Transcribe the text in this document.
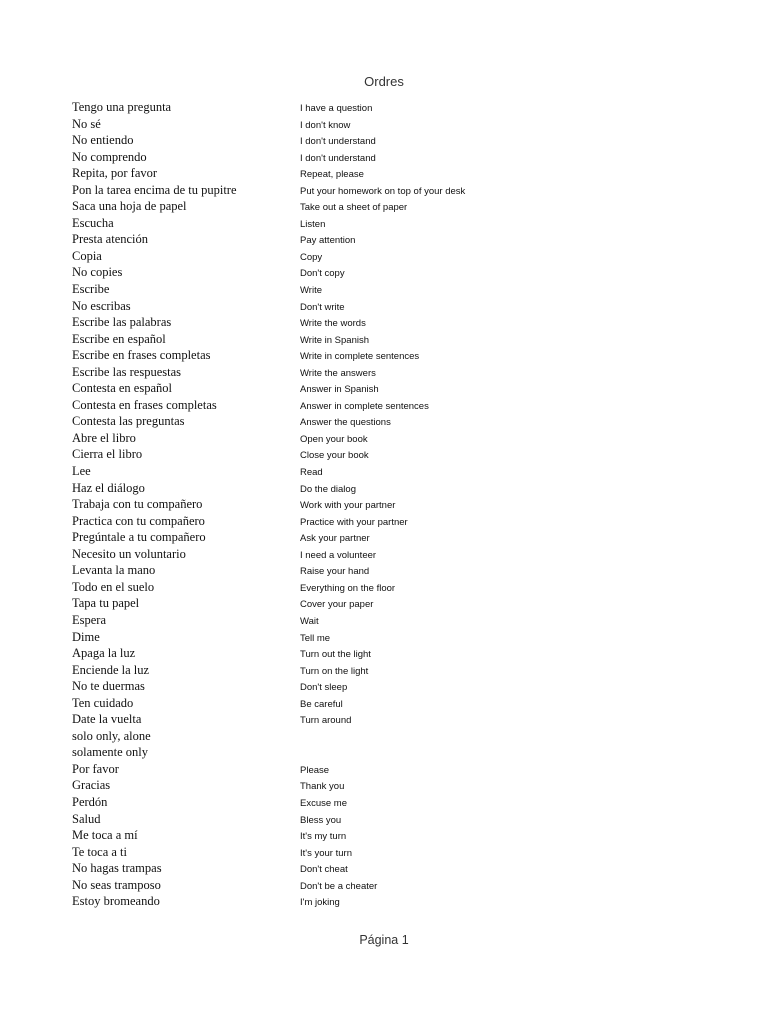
Ordres
Tengo una pregunta	I have a question
No sé	I don't know
No entiendo	I don't understand
No comprendo	I don't understand
Repita, por favor	Repeat, please
Pon la tarea encima de tu pupitre	Put your homework on top of your desk
Saca una hoja de papel	Take out a sheet of paper
Escucha	Listen
Presta atención	Pay attention
Copia	Copy
No copies	Don't copy
Escribe	Write
No escribas	Don't write
Escribe las palabras	Write the words
Escribe en español	Write in Spanish
Escribe en frases completas	Write in complete sentences
Escribe las respuestas	Write the answers
Contesta en español	Answer in Spanish
Contesta en frases completas	Answer in complete sentences
Contesta las preguntas	Answer the questions
Abre el libro	Open your book
Cierra el libro	Close your book
Lee	Read
Haz el diálogo	Do the dialog
Trabaja con tu compañero	Work with your partner
Practica con tu compañero	Practice with your partner
Pregúntale a tu compañero	Ask your partner
Necesito un voluntario	I need a volunteer
Levanta la mano	Raise your hand
Todo en el suelo	Everything on the floor
Tapa tu papel	Cover your paper
Espera	Wait
Dime	Tell me
Apaga la luz	Turn out the light
Enciende la luz	Turn on the light
No te duermas	Don't sleep
Ten cuidado	Be careful
Date la vuelta	Turn around
solo only, alone
solamente only
Por favor	Please
Gracias	Thank you
Perdón	Excuse me
Salud	Bless you
Me toca a mí	It's my turn
Te toca a ti	It's your turn
No hagas trampas	Don't cheat
No seas tramposo	Don't be a cheater
Estoy bromeando	I'm joking
Página 1
